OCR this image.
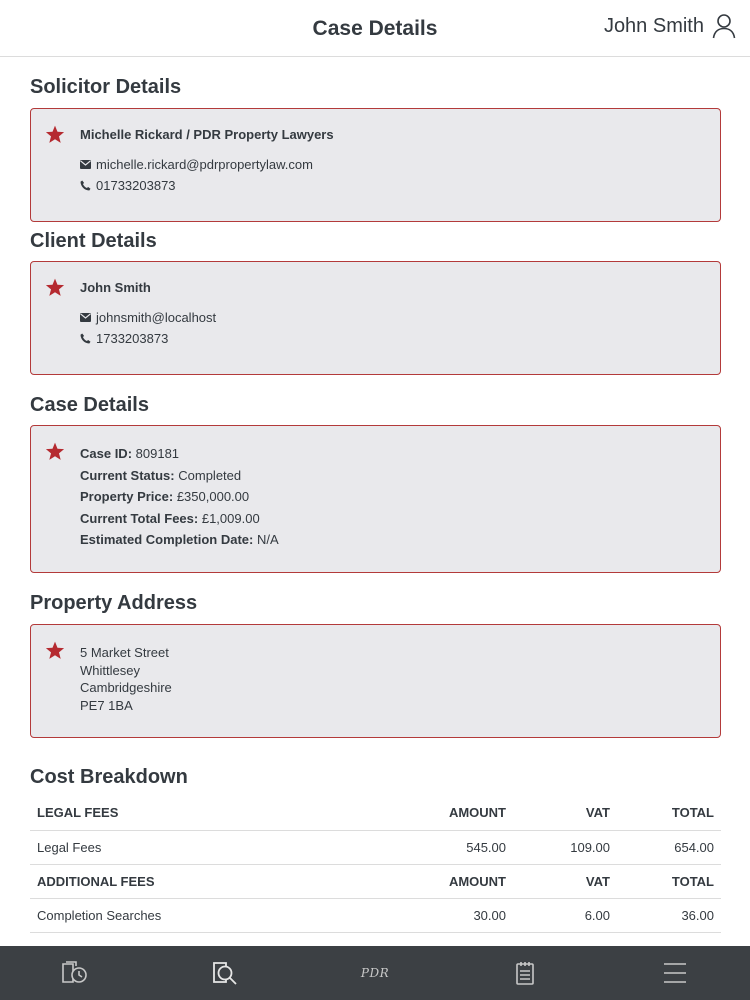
Case Details	John Smith
Solicitor Details
Michelle Rickard / PDR Property Lawyers
michelle.rickard@pdrpropertylaw.com
01733203873
Client Details
John Smith
johnsmith@localhost
1733203873
Case Details
Case ID: 809181
Current Status: Completed
Property Price: £350,000.00
Current Total Fees: £1,009.00
Estimated Completion Date: N/A
Property Address
5 Market Street
Whittlesey
Cambridgeshire
PE7 1BA
Cost Breakdown
LEGAL FEES	AMOUNT	VAT	TOTAL
Legal Fees	545.00	109.00	654.00
ADDITIONAL FEES	AMOUNT	VAT	TOTAL
Completion Searches	30.00	6.00	36.00
PDR
